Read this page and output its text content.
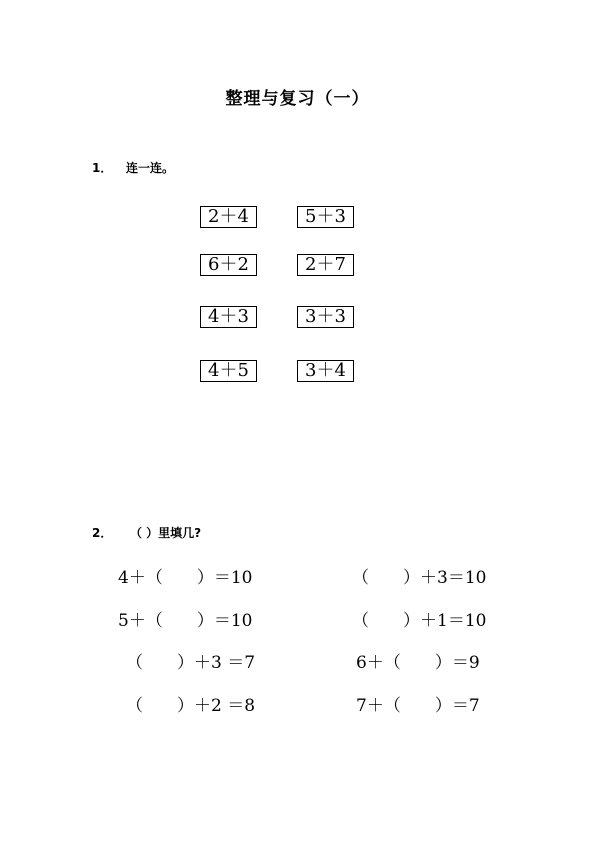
整理与复习（一）
1． 连一连。
2＋4
6＋2
4＋3
4＋5
5＋3
2＋7
3＋3
3＋4
2． （ ）里填几?
4＋（　　）＝10
5＋（　　）＝10
（　　）＋3 ＝7
（　　）＋2 ＝8
（　　）＋3＝10
（　　）＋1＝10
6＋（　　）＝9
7＋（　　）＝7
